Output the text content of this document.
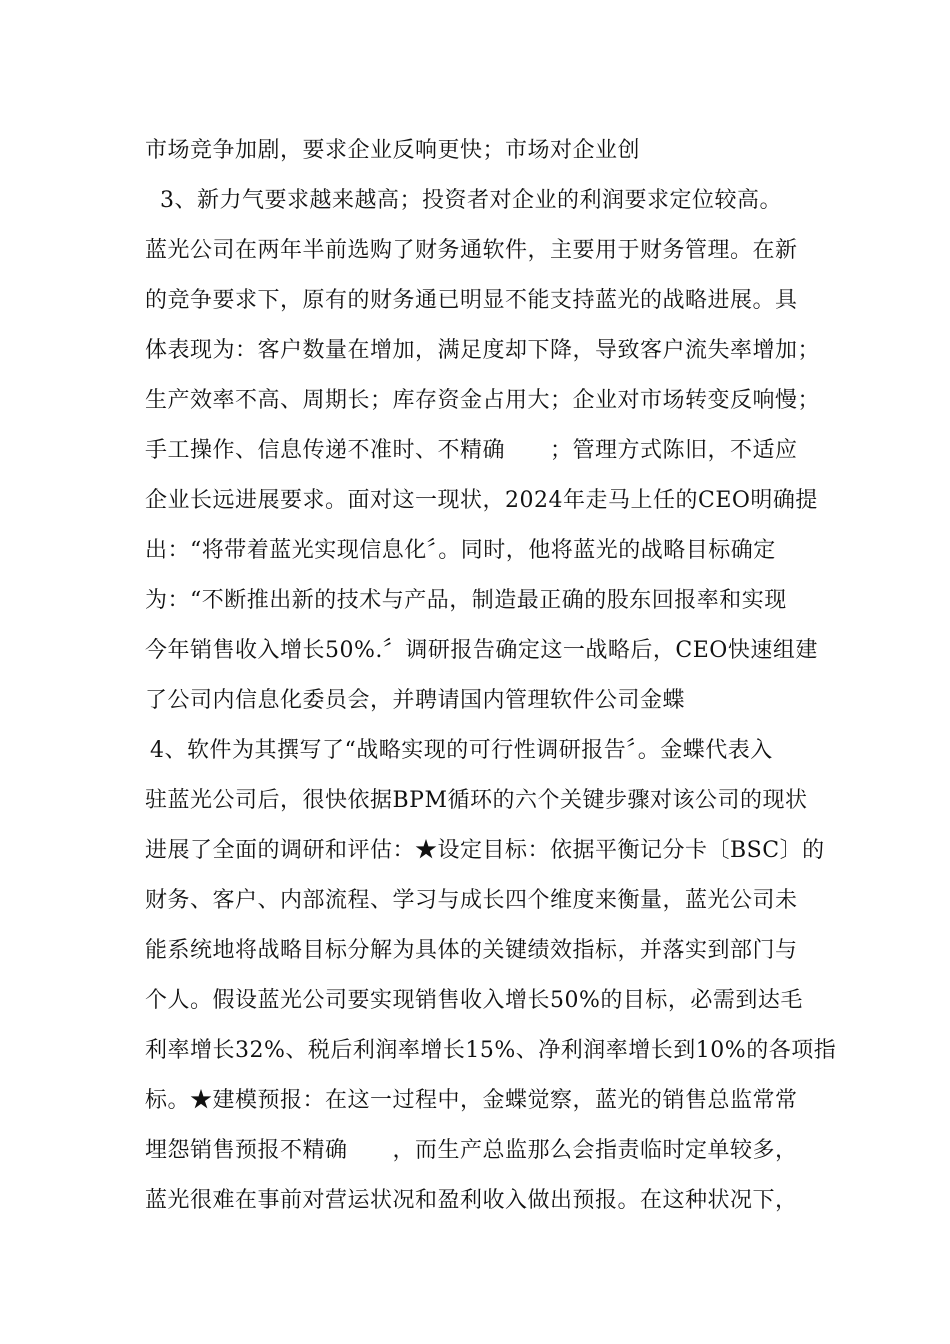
市场竞争加剧，要求企业反响更快；市场对企业创
3、新力气要求越来越高；投资者对企业的利润要求定位较高。
蓝光公司在两年半前选购了财务通软件，主要用于财务管理。在新
的竞争要求下，原有的财务通已明显不能支持蓝光的战略进展。具
体表现为：客户数量在增加，满足度却下降，导致客户流失率增加；
生产效率不高、周期长；库存资金占用大；企业对市场转变反响慢；
手工操作、信息传递不准时、不精确      ；管理方式陈旧，不适应
企业长远进展要求。面对这一现状，2024年走马上任的CEO明确提
出：“将带着蓝光实现信息化〞。同时，他将蓝光的战略目标确定
为：“不断推出新的技术与产品，制造最正确的股东回报率和实现
今年销售收入增长50%.〞调研报告确定这一战略后，CEO快速组建
了公司内信息化委员会，并聘请国内管理软件公司金蝶
4、软件为其撰写了“战略实现的可行性调研报告〞。金蝶代表入
驻蓝光公司后，很快依据BPM循环的六个关键步骤对该公司的现状
进展了全面的调研和评估：★设定目标：依据平衡记分卡〔BSC〕的
财务、客户、内部流程、学习与成长四个维度来衡量，蓝光公司未
能系统地将战略目标分解为具体的关键绩效指标，并落实到部门与
个人。假设蓝光公司要实现销售收入增长50%的目标，必需到达毛
利率增长32%、税后利润率增长15%、净利润率增长到10%的各项指
标。★建模预报：在这一过程中，金蝶觉察，蓝光的销售总监常常
埋怨销售预报不精确      ，而生产总监那么会指责临时定单较多，
蓝光很难在事前对营运状况和盈利收入做出预报。在这种状况下，
